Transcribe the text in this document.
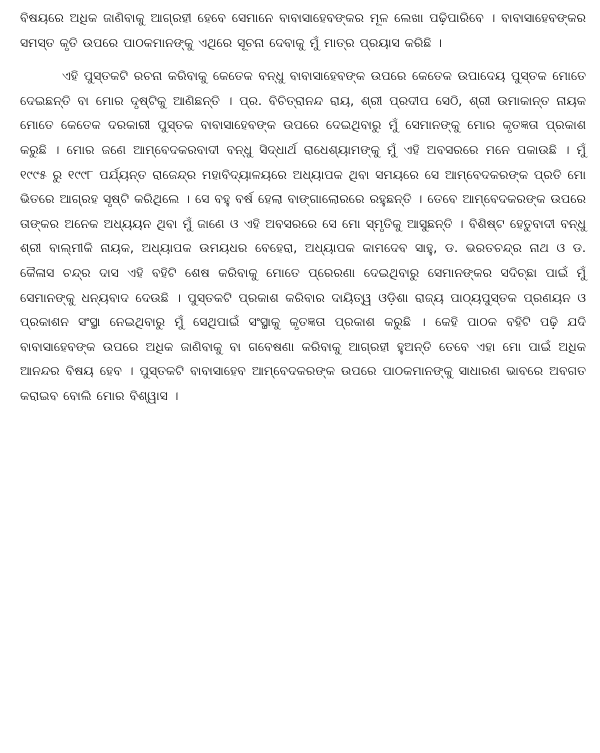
ବିଷୟରେ ଅଧିକ ଜାଣିବାକୁ ଆଗ୍ରହୀ ହେବେ ସେମାନେ ବାବାସାହେବଙ୍କର ମୂଳ ଲେଖା ପଢ଼ିପାରିବେ । ବାବାସାହେବଙ୍କର ସମସ୍ତ କୃତି ଉପରେ ପାଠକମାନଙ୍କୁ ଏଥିରେ ସୂଚନା ଦେବାକୁ ମୁଁ ମାତ୍ର ପ୍ରୟାସ କରିଛି ।

ଏହି ପୁସ୍ତକଟି ରଚନା କରିବାକୁ କେତେକ ବନ୍ଧୁ ବାବାସାହେବଙ୍କ ଉପରେ କେତେକ ଉପାଦେୟ ପୁସ୍ତକ ମୋତେ ଦେଇଛନ୍ତି ବା ମୋର ଦୃଷ୍ଟିକୁ ଆଣିଛନ୍ତି । ପ୍ର. ବିଚିତ୍ରାନନ୍ଦ ରାୟ, ଶ୍ରୀ ପ୍ରଦୀପ ସେଠି, ଶ୍ରୀ ଉମାକାନ୍ତ ନାୟକ ମୋତେ କେତେକ ଦରକାରୀ ପୁସ୍ତକ ବାବାସାହେବଙ୍କ ଉପରେ ଦେଇଥିବାରୁ ମୁଁ ସେମାନଙ୍କୁ ମୋର କୃତଜ୍ଞତା ପ୍ରକାଶ କରୁଛି । ମୋର ଜଣେ ଆମ୍ବେଦକରବାଦୀ ବନ୍ଧୁ ସିଦ୍ଧାର୍ଥ ରାଧେଶ୍ୟାମଙ୍କୁ ମୁଁ ଏହି ଅବସରରେ ମନେ ପକାଉଛି । ମୁଁ ୧୯୯୫ ରୁ ୧୯୯୮ ପର୍ଯ୍ୟନ୍ତ ରାଜେନ୍ଦ୍ର ମହାବିଦ୍ୟାଳୟରେ ଅଧ୍ୟାପକ ଥିବା ସମୟରେ ସେ ଆମ୍ବେଦକରଙ୍କ ପ୍ରତି ମୋ ଭିତରେ ଆଗ୍ରହ ସୃଷ୍ଟି କରିଥିଲେ । ସେ ବହୁ ବର୍ଷ ହେଲା ବାଙ୍ଗାଲୋରରେ ରହୁଛନ୍ତି । ତେବେ ଆମ୍ବେଦକରଙ୍କ ଉପରେ ତାଙ୍କର ଅନେକ ଅଧ୍ୟୟନ ଥିବା ମୁଁ ଜାଣେ ଓ ଏହି ଅବସରରେ ସେ ମୋ ସ୍ମୃତିକୁ ଆସୁଛନ୍ତି । ବିଶିଷ୍ଟ ହେତୁବାଦୀ ବନ୍ଧୁ ଶ୍ରୀ ବାଲ୍ମୀକି ନାୟକ, ଅଧ୍ୟାପକ ଉମୟଧର ବେହେରା, ଅଧ୍ୟାପକ କାମଦେବ ସାହୁ, ଡ. ଭରତଚନ୍ଦ୍ର ନାଥ ଓ ଡ. କୈଳାସ ଚନ୍ଦ୍ର ଦାସ ଏହି ବହିଟି ଶେଷ କରିବାକୁ ମୋତେ ପ୍ରେରଣା ଦେଇଥିବାରୁ ସେମାନଙ୍କର ସଦିଚ୍ଛା ପାଇଁ ମୁଁ ସେମାନଙ୍କୁ ଧନ୍ୟବାଦ ଦେଉଛି । ପୁସ୍ତକଟି ପ୍ରକାଶ କରିବାର ଦାୟିତ୍ୱ ଓଡ଼ିଶା ରାଜ୍ୟ ପାଠ୍ୟପୁସ୍ତକ ପ୍ରଣୟନ ଓ ପ୍ରକାଶନ ସଂସ୍ଥା ନେଇଥିବାରୁ ମୁଁ ସେଥିପାଇଁ ସଂସ୍ଥାକୁ କୃତଜ୍ଞତା ପ୍ରକାଶ କରୁଛି । କେହି ପାଠକ ବହିଟି ପଢ଼ି ଯଦି ବାବାସାହେବଙ୍କ ଉପରେ ଅଧିକ ଜାଣିବାକୁ ବା ଗବେଷଣା କରିବାକୁ ଆଗ୍ରହୀ ହୁଅନ୍ତି ତେବେ ଏହା ମୋ ପାଇଁ ଅଧିକ ଆନନ୍ଦର ବିଷୟ ହେବ । ପୁସ୍ତକଟି ବାବାସାହେବ ଆମ୍ବେଦକରଙ୍କ ଉପରେ ପାଠକମାନଙ୍କୁ ସାଧାରଣ ଭାବରେ ଅବଗତ କରାଇବ ବୋଲି ମୋର ବିଶ୍ୱାସ ।
